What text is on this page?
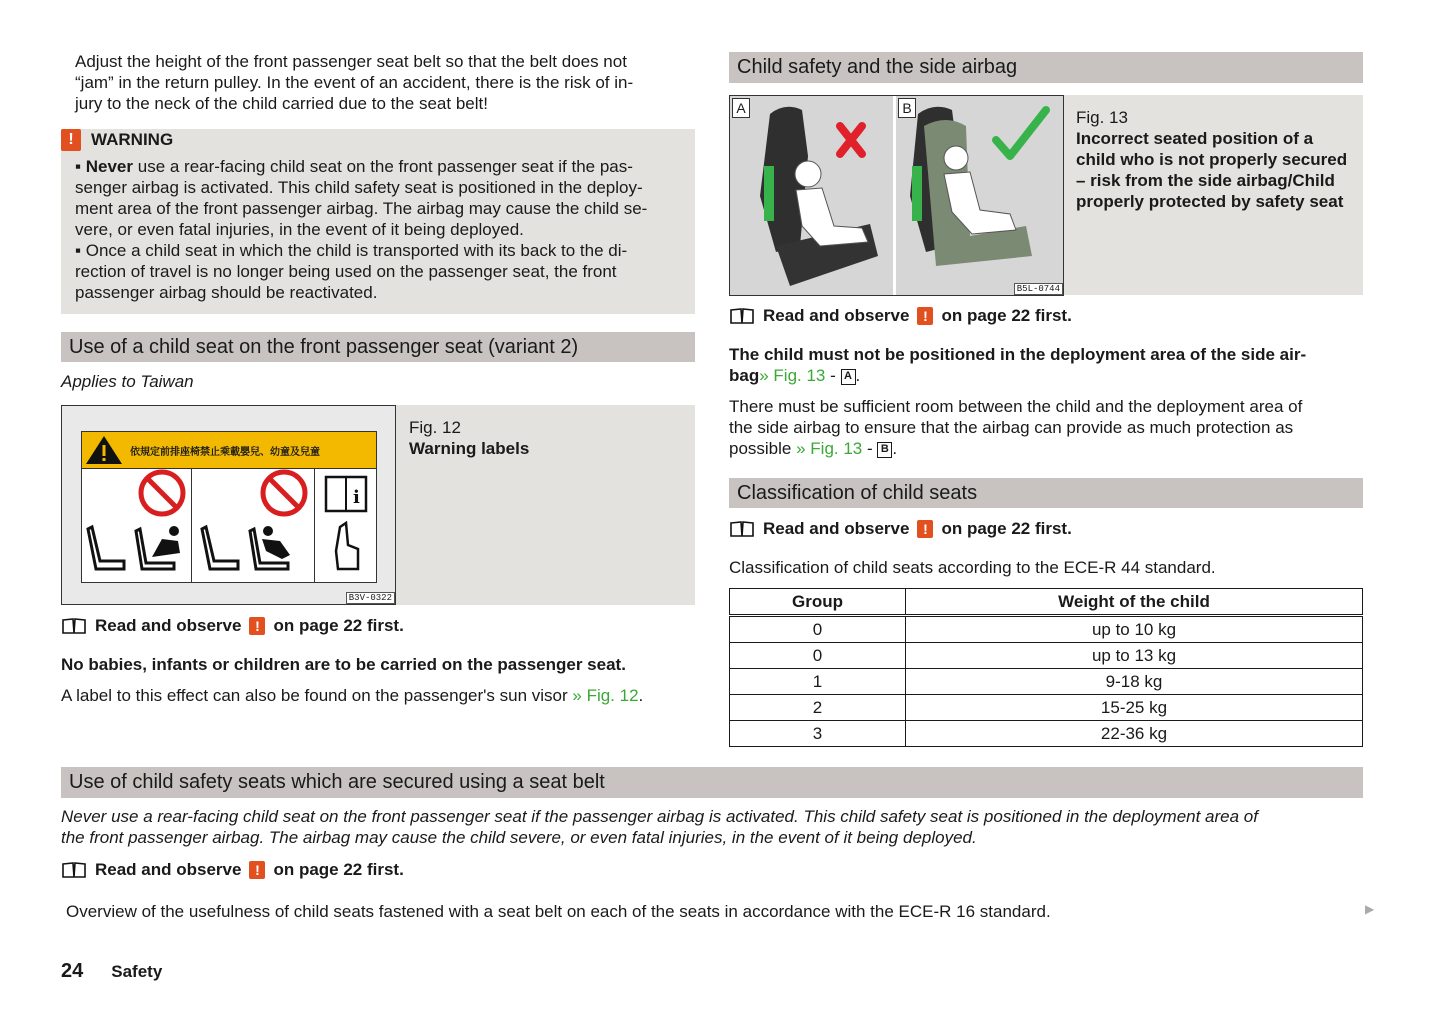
Adjust the height of the front passenger seat belt so that the belt does not

“jam” in the return pulley. In the event of an accident, there is the risk of in-

jury to the neck of the child carried due to the seat belt!

!	WARNING

▪ Never use a rear-facing child seat on the front passenger seat if the pas-

senger airbag is activated. This child safety seat is positioned in the deploy-

ment area of the front passenger airbag. The airbag may cause the child se-

vere, or even fatal injuries, in the event of it being deployed.

▪ Once a child seat in which the child is transported with its back to the di-

rection of travel is no longer being used on the passenger seat, the front

passenger airbag should be reactivated.

Use of a child seat on the front passenger seat (variant 2)

Applies to Taiwan

依規定前排座椅禁止乘載嬰兒、幼童及兒童
i
B3V-0322

Fig. 12

Warning labels

Read and observe ! on page 22 first.

No babies, infants or children are to be carried on the passenger seat.

A label to this effect can also be found on the passenger's sun visor » Fig. 12.

Child safety and the side airbag
A	B
B5L-0744

Fig. 13

Incorrect seated position of a

child who is not properly secured

– risk from the side airbag/Child

properly protected by safety seat

Read and observe ! on page 22 first.

The child must not be positioned in the deployment area of the side air-

bag» Fig. 13 - A .

There must be sufficient room between the child and the deployment area of

the side airbag to ensure that the airbag can provide as much protection as

possible » Fig. 13 - B .

Classification of child seats
Read and observe ! on page 22 first.

Classification of child seats according to the ECE-R 44 standard.

Group	Weight of the child
0	up to 10 kg
0	up to 13 kg
1	9-18 kg
2	15-25 kg
3	22-36 kg
Use of child safety seats which are secured using a seat belt

Never use a rear-facing child seat on the front passenger seat if the passenger airbag is activated. This child safety seat is positioned in the deployment area of

the front passenger airbag. The airbag may cause the child severe, or even fatal injuries, in the event of it being deployed.

Read and observe ! on page 22 first.

Overview of the usefulness of child seats fastened with a seat belt on each of the seats in accordance with the ECE-R 16 standard.	▶
24 Safety
